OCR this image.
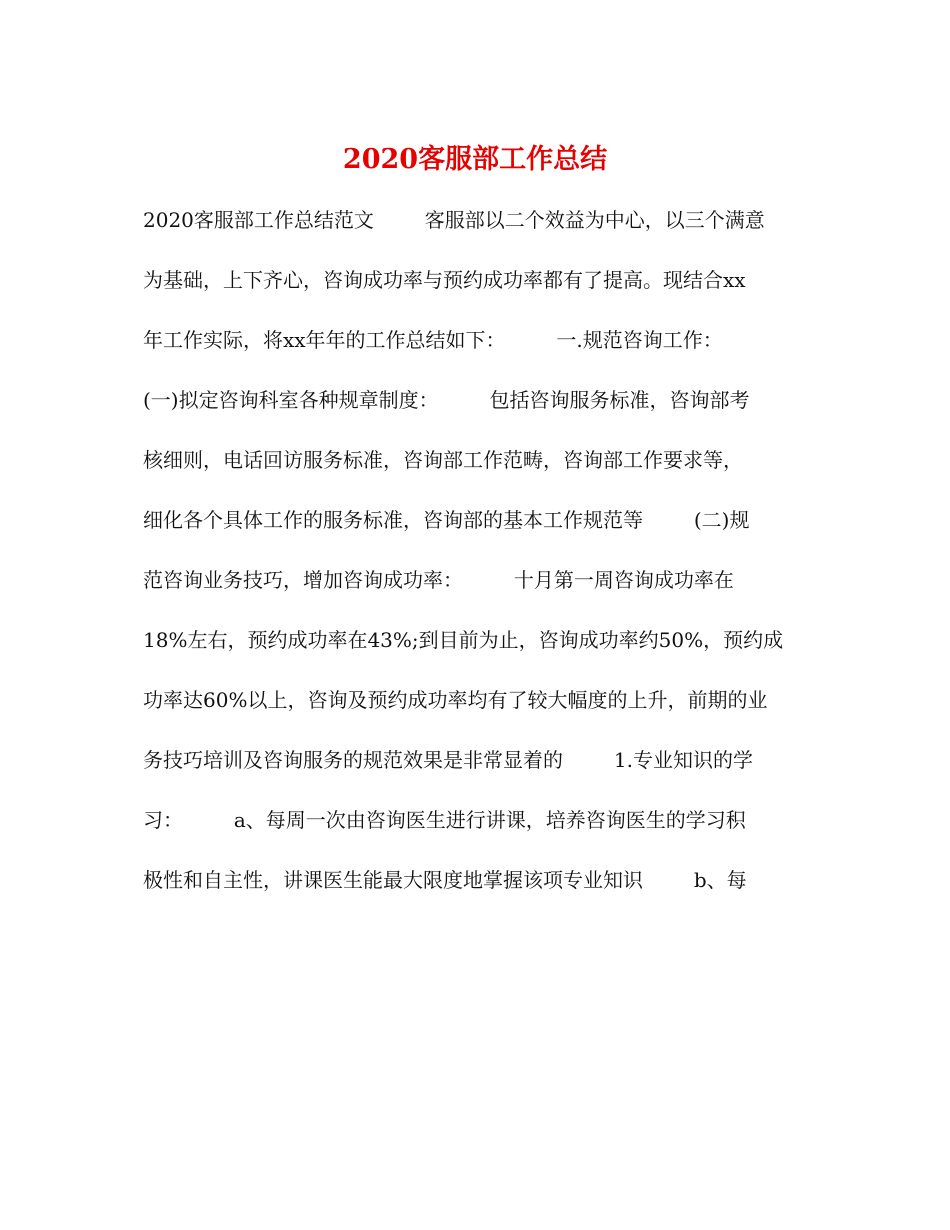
2020客服部工作总结
2020客服部工作总结范文        客服部以二个效益为中心，以三个满意
为基础，上下齐心，咨询成功率与预约成功率都有了提高。现结合xx
年工作实际，将xx年年的工作总结如下：        一.规范咨询工作：
(一)拟定咨询科室各种规章制度：        包括咨询服务标准，咨询部考
核细则，电话回访服务标准，咨询部工作范畴，咨询部工作要求等，
细化各个具体工作的服务标准，咨询部的基本工作规范等        (二)规
范咨询业务技巧，增加咨询成功率：        十月第一周咨询成功率在
18%左右，预约成功率在43%;到目前为止，咨询成功率约50%，预约成
功率达60%以上，咨询及预约成功率均有了较大幅度的上升，前期的业
务技巧培训及咨询服务的规范效果是非常显着的        1.专业知识的学
习：        a、每周一次由咨询医生进行讲课，培养咨询医生的学习积
极性和自主性，讲课医生能最大限度地掌握该项专业知识        b、每
